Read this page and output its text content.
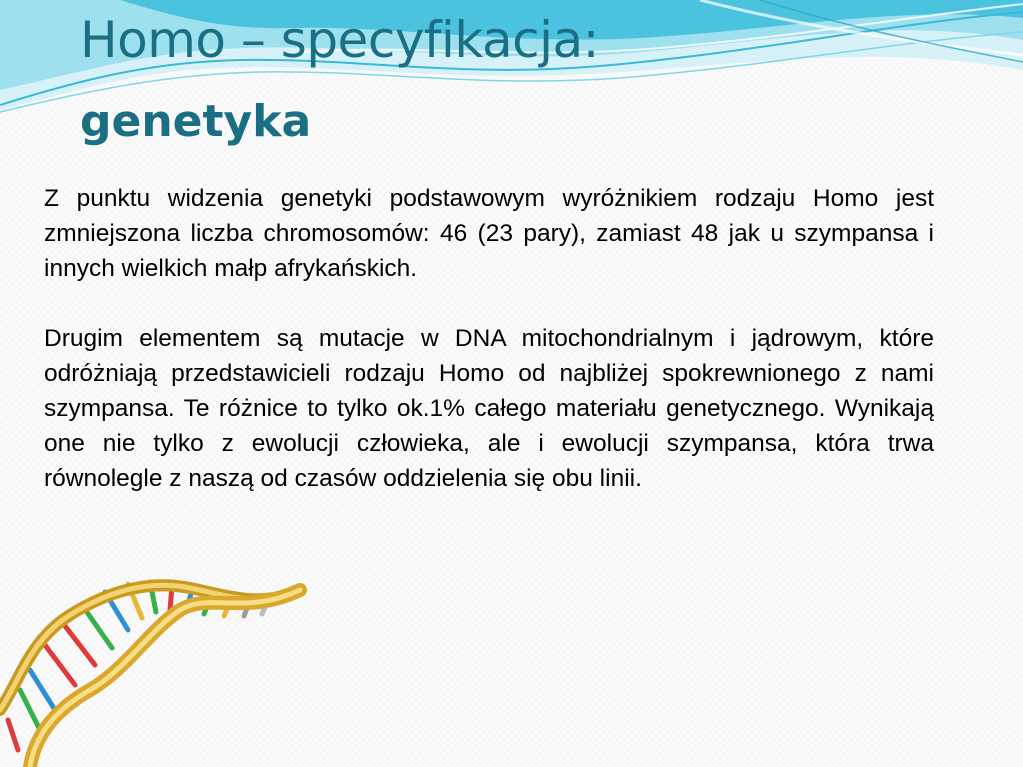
Homo – specyfikacja:
genetyka

Z punktu widzenia genetyki podstawowym wyróżnikiem rodzaju Homo jest zmniejszona liczba chromosomów: 46 (23 pary), zamiast 48 jak u szympansa i innych wielkich małp afrykańskich.

Drugim elementem są mutacje w DNA mitochondrialnym i jądrowym, które odróżniają przedstawicieli rodzaju Homo od najbliżej spokrewnionego z nami szympansa. Te różnice to tylko ok.1% całego materiału genetycznego. Wynikają one nie tylko z ewolucji człowieka, ale i ewolucji szympansa, która trwa równolegle z naszą od czasów oddzielenia się obu linii.
